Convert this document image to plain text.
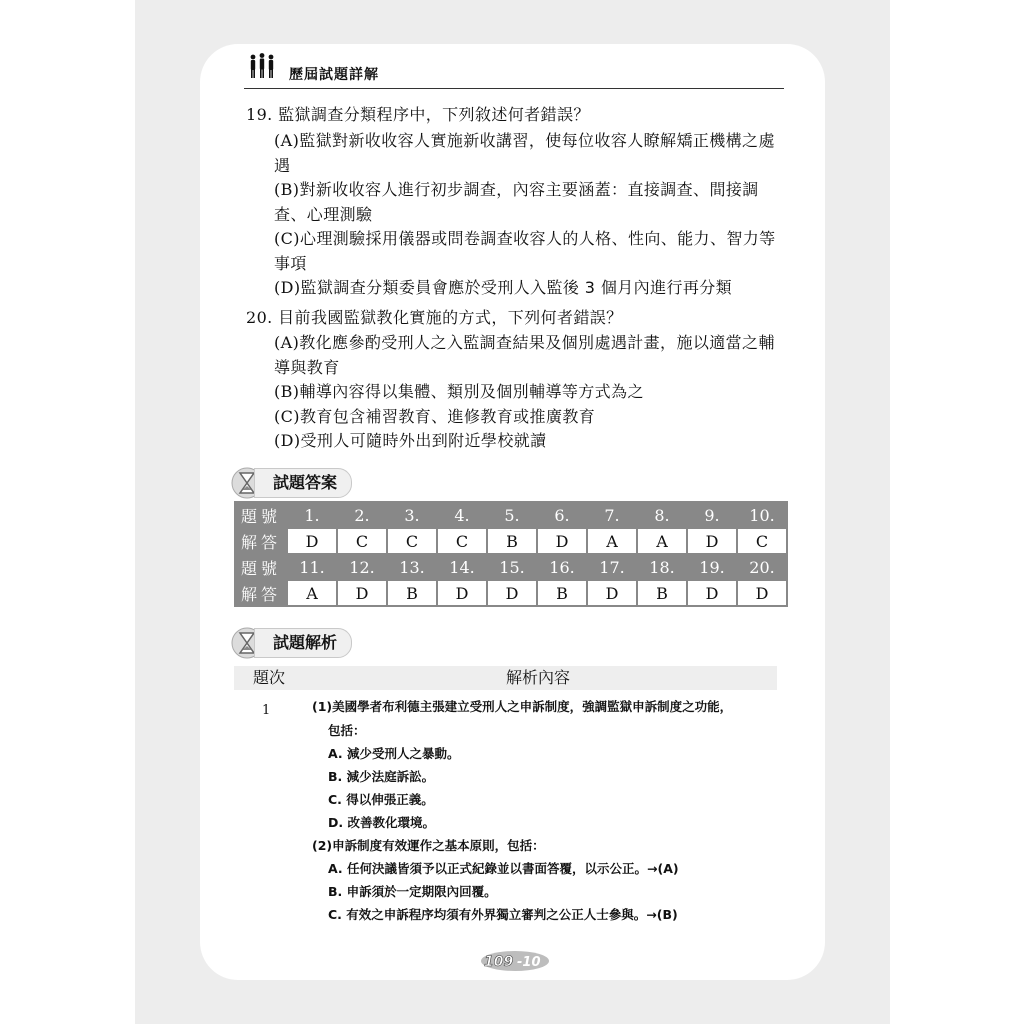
歷屆試題詳解
19. 監獄調查分類程序中，下列敘述何者錯誤？
(A)監獄對新收收容人實施新收講習，使每位收容人瞭解矯正機構之處遇
(B)對新收收容人進行初步調查，內容主要涵蓋：直接調查、間接調查、心理測驗
(C)心理測驗採用儀器或問卷調查收容人的人格、性向、能力、智力等事項
(D)監獄調查分類委員會應於受刑人入監後 3 個月內進行再分類
20. 目前我國監獄教化實施的方式，下列何者錯誤？
(A)教化應參酌受刑人之入監調查結果及個別處遇計畫，施以適當之輔導與教育
(B)輔導內容得以集體、類別及個別輔導等方式為之
(C)教育包含補習教育、進修教育或推廣教育
(D)受刑人可隨時外出到附近學校就讀
試題答案
題號	1.	2.	3.	4.	5.	6.	7.	8.	9.	10.
解答	D	C	C	C	B	D	A	A	D	C
題號	11.	12.	13.	14.	15.	16.	17.	18.	19.	20.
解答	A	D	B	D	D	B	D	B	D	D
試題解析
題次	解析內容
1	(1)美國學者布利德主張建立受刑人之申訴制度，強調監獄申訴制度之功能，
包括：
A. 減少受刑人之暴動。
B. 減少法庭訴訟。
C. 得以伸張正義。
D. 改善教化環境。
(2)申訴制度有效運作之基本原則，包括：
A. 任何決議皆須予以正式紀錄並以書面答覆，以示公正。→(A)
B. 申訴須於一定期限內回覆。
C. 有效之申訴程序均須有外界獨立審判之公正人士參與。→(B)
109 -10
